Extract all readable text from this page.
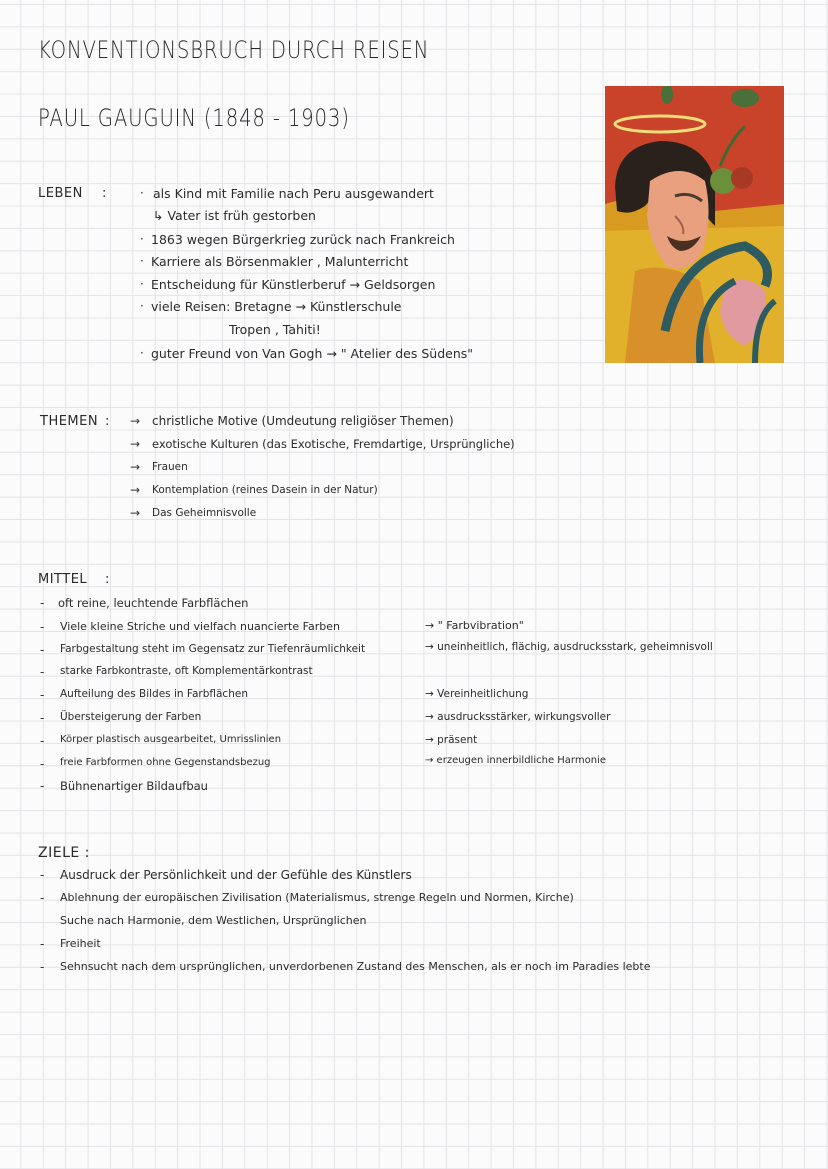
KONVENTIONSBRUCH DURCH REISEN
PAUL GAUGUIN (1848 - 1903)
LEBEN :	· als Kind mit Familie nach Peru ausgewandert
↳ Vater ist früh gestorben
· 1863 wegen Bürgerkrieg zurück nach Frankreich
· Karriere als Börsenmakler , Malunterricht
· Entscheidung für Künstlerberuf → Geldsorgen
· viele Reisen: Bretagne → Künstlerschule
Tropen , Tahiti!
· guter Freund von Van Gogh → " Atelier des Südens"
THEMEN : → christliche Motive (Umdeutung religiöser Themen)
→ exotische Kulturen (das Exotische, Fremdartige, Ursprüngliche)
→ Frauen
→ Kontemplation (reines Dasein in der Natur)
→ Das Geheimnisvolle
MITTEL :
- oft reine, leuchtende Farbflächen
- Viele kleine Striche und vielfach nuancierte Farben	→ " Farbvibration"
- Farbgestaltung steht im Gegensatz zur Tiefenräumlichkeit	→ uneinheitlich, flächig, ausdrucksstark, geheimnisvoll
- starke Farbkontraste, oft Komplementärkontrast
- Aufteilung des Bildes in Farbflächen	→ Vereinheitlichung
- Übersteigerung der Farben	→ ausdrucksstärker, wirkungsvoller
- Körper plastisch ausgearbeitet, Umrisslinien	→ präsent
- freie Farbformen ohne Gegenstandsbezug	→ erzeugen innerbildliche Harmonie
- Bühnenartiger Bildaufbau
ZIELE :
- Ausdruck der Persönlichkeit und der Gefühle des Künstlers
- Ablehnung der europäischen Zivilisation (Materialismus, strenge Regeln und Normen, Kirche)
Suche nach Harmonie, dem Westlichen, Ursprünglichen
- Freiheit
- Sehnsucht nach dem ursprünglichen, unverdorbenen Zustand des Menschen, als er noch im Paradies lebte
